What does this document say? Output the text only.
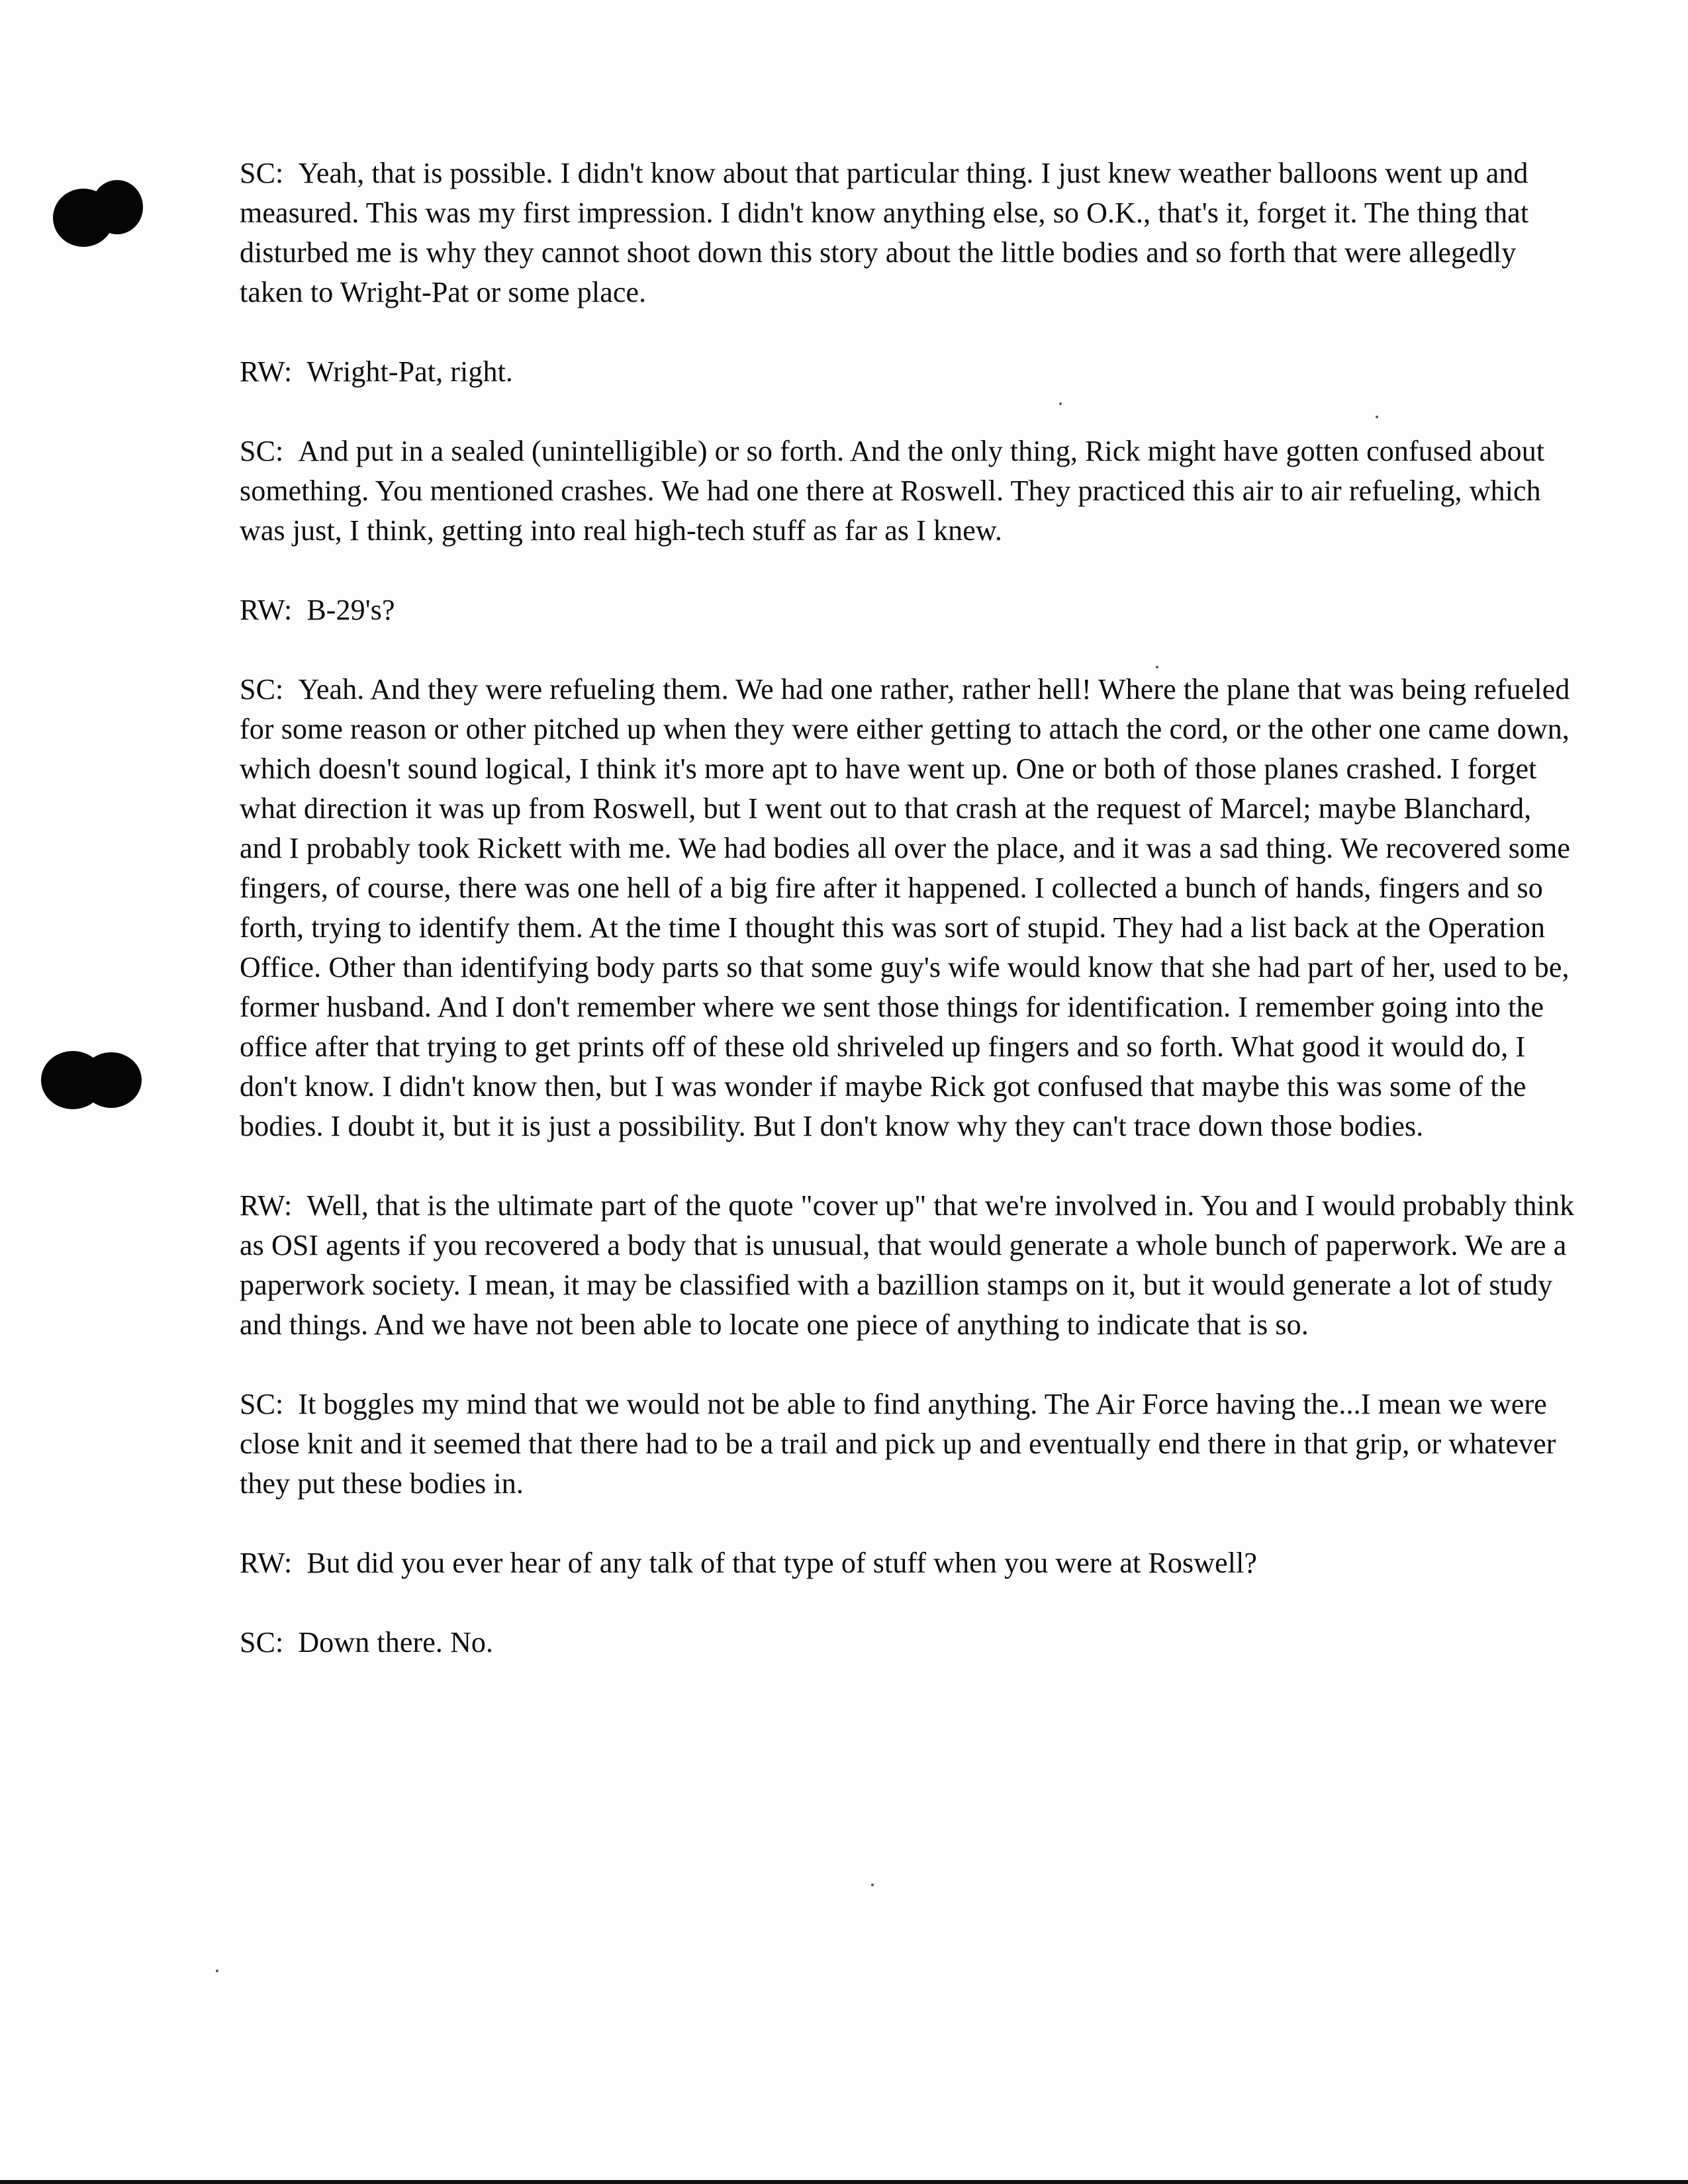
SC: Yeah, that is possible. I didn't know about that particular thing. I just knew weather balloons went up and measured. This was my first impression. I didn't know anything else, so O.K., that's it, forget it. The thing that disturbed me is why they cannot shoot down this story about the little bodies and so forth that were allegedly taken to Wright-Pat or some place.

RW: Wright-Pat, right.

SC: And put in a sealed (unintelligible) or so forth. And the only thing, Rick might have gotten confused about something. You mentioned crashes. We had one there at Roswell. They practiced this air to air refueling, which was just, I think, getting into real high-tech stuff as far as I knew.

RW: B-29's?

SC: Yeah. And they were refueling them. We had one rather, rather hell! Where the plane that was being refueled for some reason or other pitched up when they were either getting to attach the cord, or the other one came down, which doesn't sound logical, I think it's more apt to have went up. One or both of those planes crashed. I forget what direction it was up from Roswell, but I went out to that crash at the request of Marcel; maybe Blanchard, and I probably took Rickett with me. We had bodies all over the place, and it was a sad thing. We recovered some fingers, of course, there was one hell of a big fire after it happened. I collected a bunch of hands, fingers and so forth, trying to identify them. At the time I thought this was sort of stupid. They had a list back at the Operation Office. Other than identifying body parts so that some guy's wife would know that she had part of her, used to be, former husband. And I don't remember where we sent those things for identification. I remember going into the office after that trying to get prints off of these old shriveled up fingers and so forth. What good it would do, I don't know. I didn't know then, but I was wonder if maybe Rick got confused that maybe this was some of the bodies. I doubt it, but it is just a possibility. But I don't know why they can't trace down those bodies.

RW: Well, that is the ultimate part of the quote "cover up" that we're involved in. You and I would probably think as OSI agents if you recovered a body that is unusual, that would generate a whole bunch of paperwork. We are a paperwork society. I mean, it may be classified with a bazillion stamps on it, but it would generate a lot of study and things. And we have not been able to locate one piece of anything to indicate that is so.

SC: It boggles my mind that we would not be able to find anything. The Air Force having the...I mean we were close knit and it seemed that there had to be a trail and pick up and eventually end there in that grip, or whatever they put these bodies in.

RW: But did you ever hear of any talk of that type of stuff when you were at Roswell?

SC: Down there. No.
